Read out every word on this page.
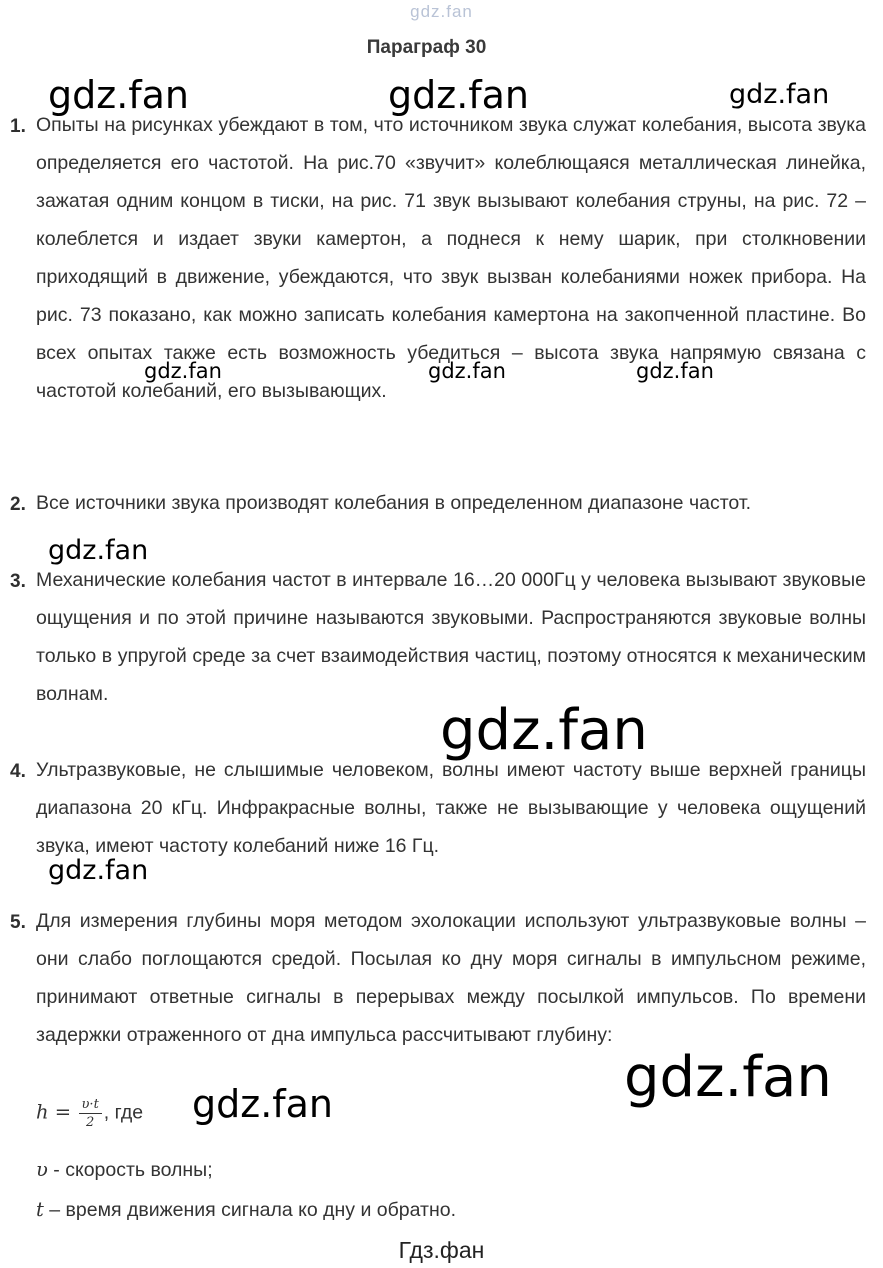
gdz.fan
Параграф 30
gdz.fan	gdz.fan	gdz.fan
gdz.fan	gdz.fan	gdz.fan
gdz.fan
gdz.fan
gdz.fan
gdz.fan
gdz.fan
1. Опыты на рисунках убеждают в том, что источником звука служат колебания, высота звука определяется его частотой. На рис.70 «звучит» колеблющаяся металлическая линейка, зажатая одним концом в тиски, на рис. 71 звук вызывают колебания струны, на рис. 72 – колеблется и издает звуки камертон, а поднеся к нему шарик, при столкновении приходящий в движение, убеждаются, что звук вызван колебаниями ножек прибора. На рис. 73 показано, как можно записать колебания камертона на закопченной пластине. Во всех опытах также есть возможность убедиться – высота звука напрямую связана с частотой колебаний, его вызывающих.

2. Все источники звука производят колебания в определенном диапазоне частот.

3. Механические колебания частот в интервале 16…20 000Гц у человека вызывают звуковые ощущения и по этой причине называются звуковыми. Распространяются звуковые волны только в упругой среде за счет взаимодействия частиц, поэтому относятся к механическим волнам.

4. Ультразвуковые, не слышимые человеком, волны имеют частоту выше верхней границы диапазона 20 кГц. Инфракрасные волны, также не вызывающие у человека ощущений звука, имеют частоту колебаний ниже 16 Гц.

5. Для измерения глубины моря методом эхолокации используют ультразвуковые волны – они слабо поглощаются средой. Посылая ко дну моря сигналы в импульсном режиме, принимают ответные сигналы в перерывах между посылкой импульсов. По времени задержки отраженного от дна импульса рассчитывают глубину:

$h = \frac{\upsilon\cdot t}{2}$ , где
υ - скорость волны;
t – время движения сигнала ко дну и обратно.
Гдз.фан
